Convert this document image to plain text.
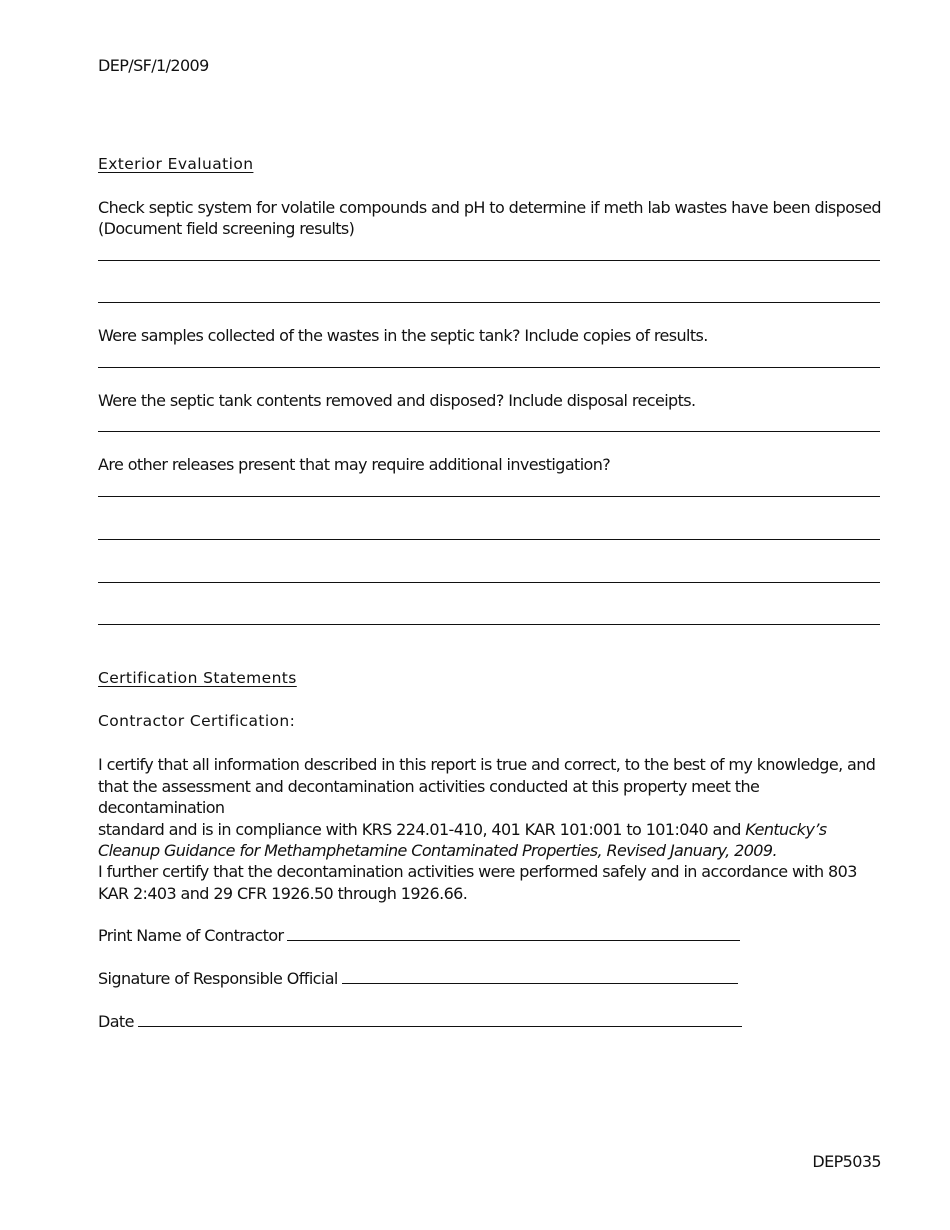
DEP/SF/1/2009
Exterior Evaluation
Check septic system for volatile compounds and pH to determine if meth lab wastes have been disposed
(Document field screening results)
Were samples collected of the wastes in the septic tank? Include copies of results.
Were the septic tank contents removed and disposed? Include disposal receipts.
Are other releases present that may require additional investigation?
Certification Statements
Contractor Certification:
I certify that all information described in this report is true and correct, to the best of my knowledge, and
that the assessment and decontamination activities conducted at this property meet the decontamination
standard and is in compliance with KRS 224.01-410, 401 KAR 101:001 to 101:040 and Kentucky’s
Cleanup Guidance for Methamphetamine Contaminated Properties, Revised January, 2009.
I further certify that the decontamination activities were performed safely and in accordance with 803
KAR 2:403 and 29 CFR 1926.50 through 1926.66.
Print Name of Contractor
Signature of Responsible Official
Date
DEP5035
